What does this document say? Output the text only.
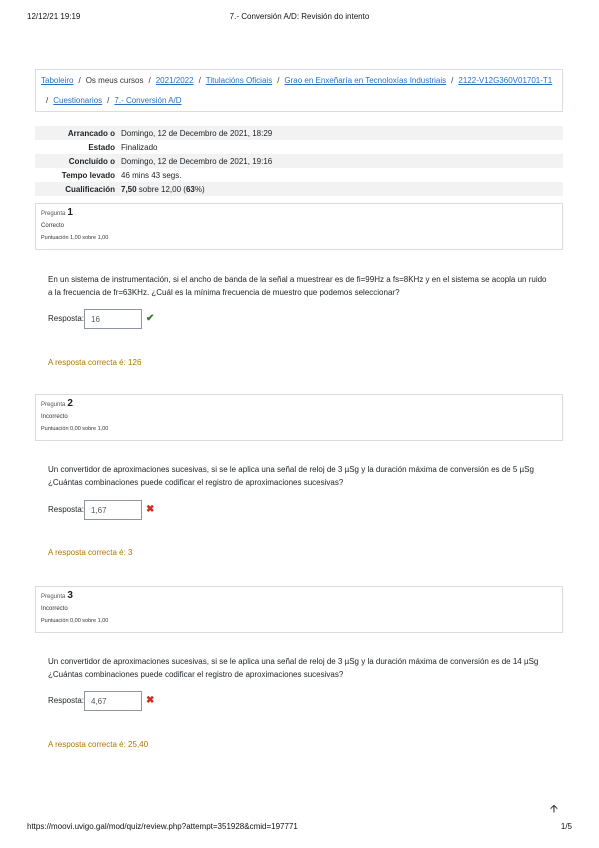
12/12/21 19:19	7.- Conversión A/D: Revisión do intento
Taboleiro / Os meus cursos / 2021/2022 / Titulacións Oficiais / Grao en Enxeñaría en Tecnoloxías Industriais / 2122-V12G360V01701-T1
/ Cuestionarios / 7.- Conversión A/D
Arrancado o	Domingo, 12 de Decembro de 2021, 18:29
Estado	Finalizado
Concluído o	Domingo, 12 de Decembro de 2021, 19:16
Tempo levado	46 mins 43 segs.
Cualificación	7,50 sobre 12,00 (63%)
Pregunta 1
Correcto
Puntuación 1,00 sobre 1,00
En un sistema de instrumentación, si el ancho de banda de la señal a muestrear es de fi=99Hz a fs=8KHz y en el sistema se acopla un ruido a la frecuencia de fr=63KHz. ¿Cuál es la mínima frecuencia de muestro que podemos seleccionar?
Resposta: 16	✔
A resposta correcta é: 126
Pregunta 2
Incorrecto
Puntuación 0,00 sobre 1,00
Un convertidor de aproximaciones sucesivas, si se le aplica una señal de reloj de 3 µSg y la duración máxima de conversión es de 5 µSg ¿Cuántas combinaciones puede codificar el registro de aproximaciones sucesivas?
Resposta: 1,67	✖
A resposta correcta é: 3
Pregunta 3
Incorrecto
Puntuación 0,00 sobre 1,00
Un convertidor de aproximaciones sucesivas, si se le aplica una señal de reloj de 3 µSg y la duración máxima de conversión es de 14 µSg ¿Cuántas combinaciones puede codificar el registro de aproximaciones sucesivas?
Resposta: 4,67	✖
A resposta correcta é: 25,40
🡩
https://moovi.uvigo.gal/mod/quiz/review.php?attempt=351928&cmid=197771	1/5
